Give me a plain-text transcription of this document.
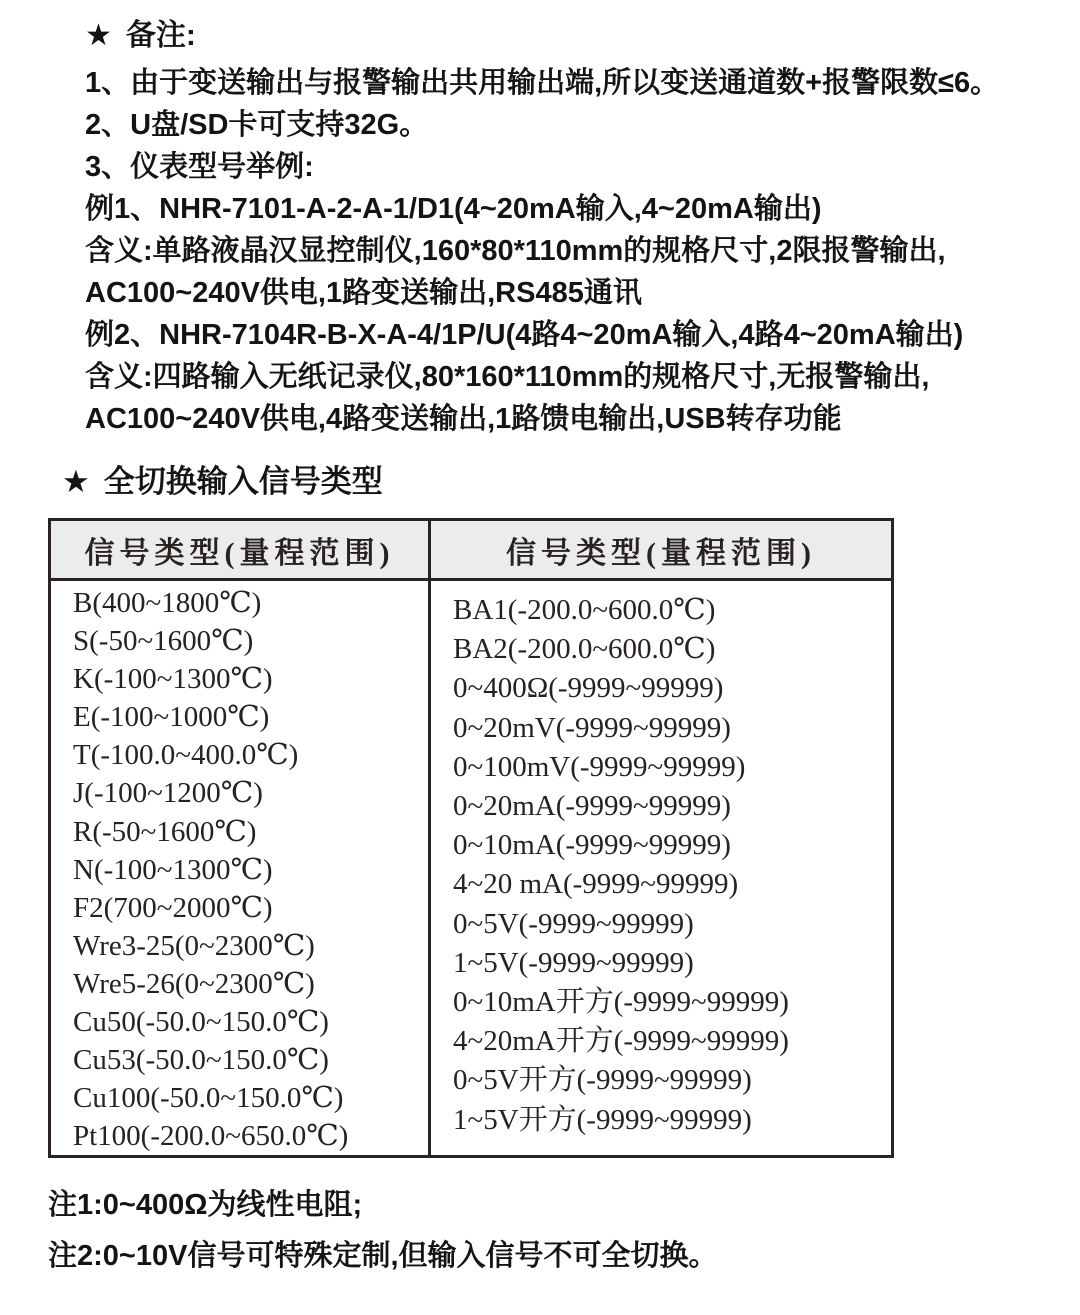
★ 备注:
1、由于变送输出与报警输出共用输出端,所以变送通道数+报警限数≤6。
2、U盘/SD卡可支持32G。
3、仪表型号举例:
例1、NHR-7101-A-2-A-1/D1(4~20mA输入,4~20mA输出)
含义:单路液晶汉显控制仪,160*80*110mm的规格尺寸,2限报警输出,
AC100~240V供电,1路变送输出,RS485通讯
例2、NHR-7104R-B-X-A-4/1P/U(4路4~20mA输入,4路4~20mA输出)
含义:四路输入无纸记录仪,80*160*110mm的规格尺寸,无报警输出,
AC100~240V供电,4路变送输出,1路馈电输出,USB转存功能
★ 全切换输入信号类型
信号类型(量程范围)	信号类型(量程范围)
B(400~1800℃)
S(-50~1600℃)
K(-100~1300℃)
E(-100~1000℃)
T(-100.0~400.0℃)
J(-100~1200℃)
R(-50~1600℃)
N(-100~1300℃)
F2(700~2000℃)
Wre3-25(0~2300℃)
Wre5-26(0~2300℃)
Cu50(-50.0~150.0℃)
Cu53(-50.0~150.0℃)
Cu100(-50.0~150.0℃)
Pt100(-200.0~650.0℃)
BA1(-200.0~600.0℃)
BA2(-200.0~600.0℃)
0~400Ω(-9999~99999)
0~20mV(-9999~99999)
0~100mV(-9999~99999)
0~20mA(-9999~99999)
0~10mA(-9999~99999)
4~20 mA(-9999~99999)
0~5V(-9999~99999)
1~5V(-9999~99999)
0~10mA开方(-9999~99999)
4~20mA开方(-9999~99999)
0~5V开方(-9999~99999)
1~5V开方(-9999~99999)
注1:0~400Ω为线性电阻;
注2:0~10V信号可特殊定制,但输入信号不可全切换。
